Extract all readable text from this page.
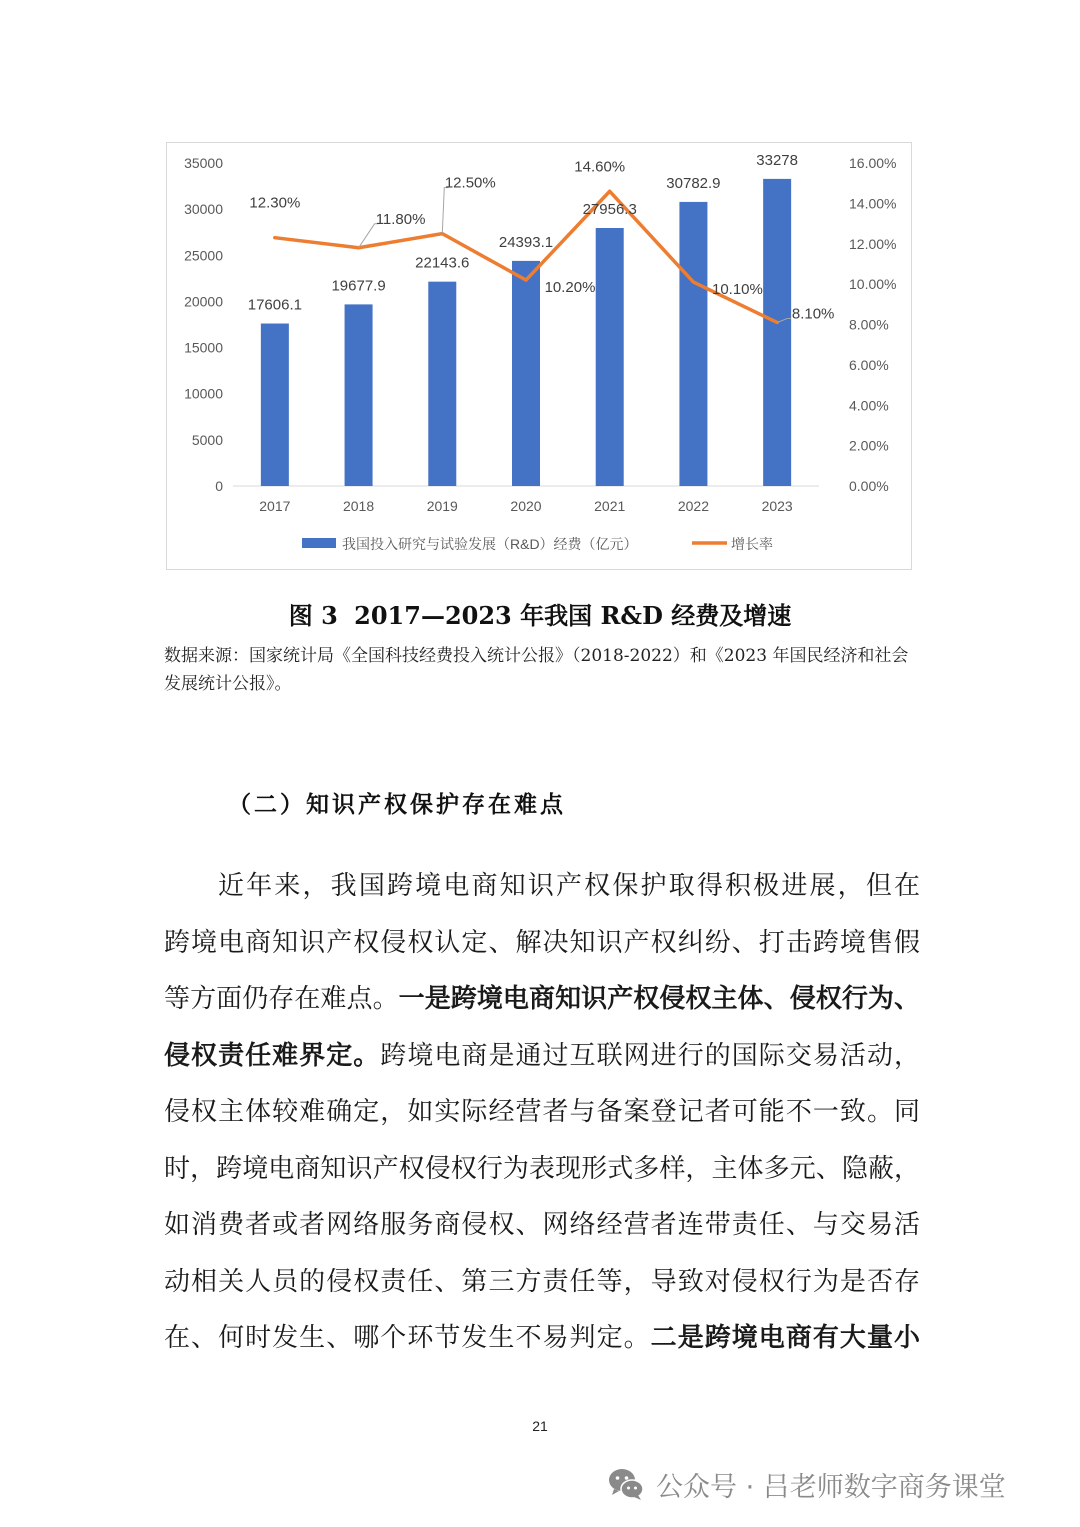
0
5000
10000
15000
20000
25000
30000
35000
0.00%
2.00%
4.00%
6.00%
8.00%
10.00%
12.00%
14.00%
16.00%
2017	2018	2019	2020	2021	2022	2023
17606.1
19677.9
22143.6
24393.1
27956.3
30782.9
33278
12.30%
11.80%
12.50%
10.20%
14.60%
10.10%
8.10%
我国投入研究与试验发展（R&D）经费（亿元）	增长率
图 3 2017—2023 年我国 R&D 经费及增速
数据来源：国家统计局《全国科技经费投入统计公报》（2018-2022）和《2023 年国民经济和社会发展统计公报》。
（二）知识产权保护存在难点
近年来，我国跨境电商知识产权保护取得积极进展，但在
跨境电商知识产权侵权认定、解决知识产权纠纷、打击跨境售假
等方面仍存在难点。一是跨境电商知识产权侵权主体、侵权行为、
侵权责任难界定。跨境电商是通过互联网进行的国际交易活动，
侵权主体较难确定，如实际经营者与备案登记者可能不一致。同
时，跨境电商知识产权侵权行为表现形式多样，主体多元、隐蔽，
如消费者或者网络服务商侵权、网络经营者连带责任、与交易活
动相关人员的侵权责任、第三方责任等，导致对侵权行为是否存
在、何时发生、哪个环节发生不易判定。二是跨境电商有大量小
21
公众号 · 吕老师数字商务课堂
